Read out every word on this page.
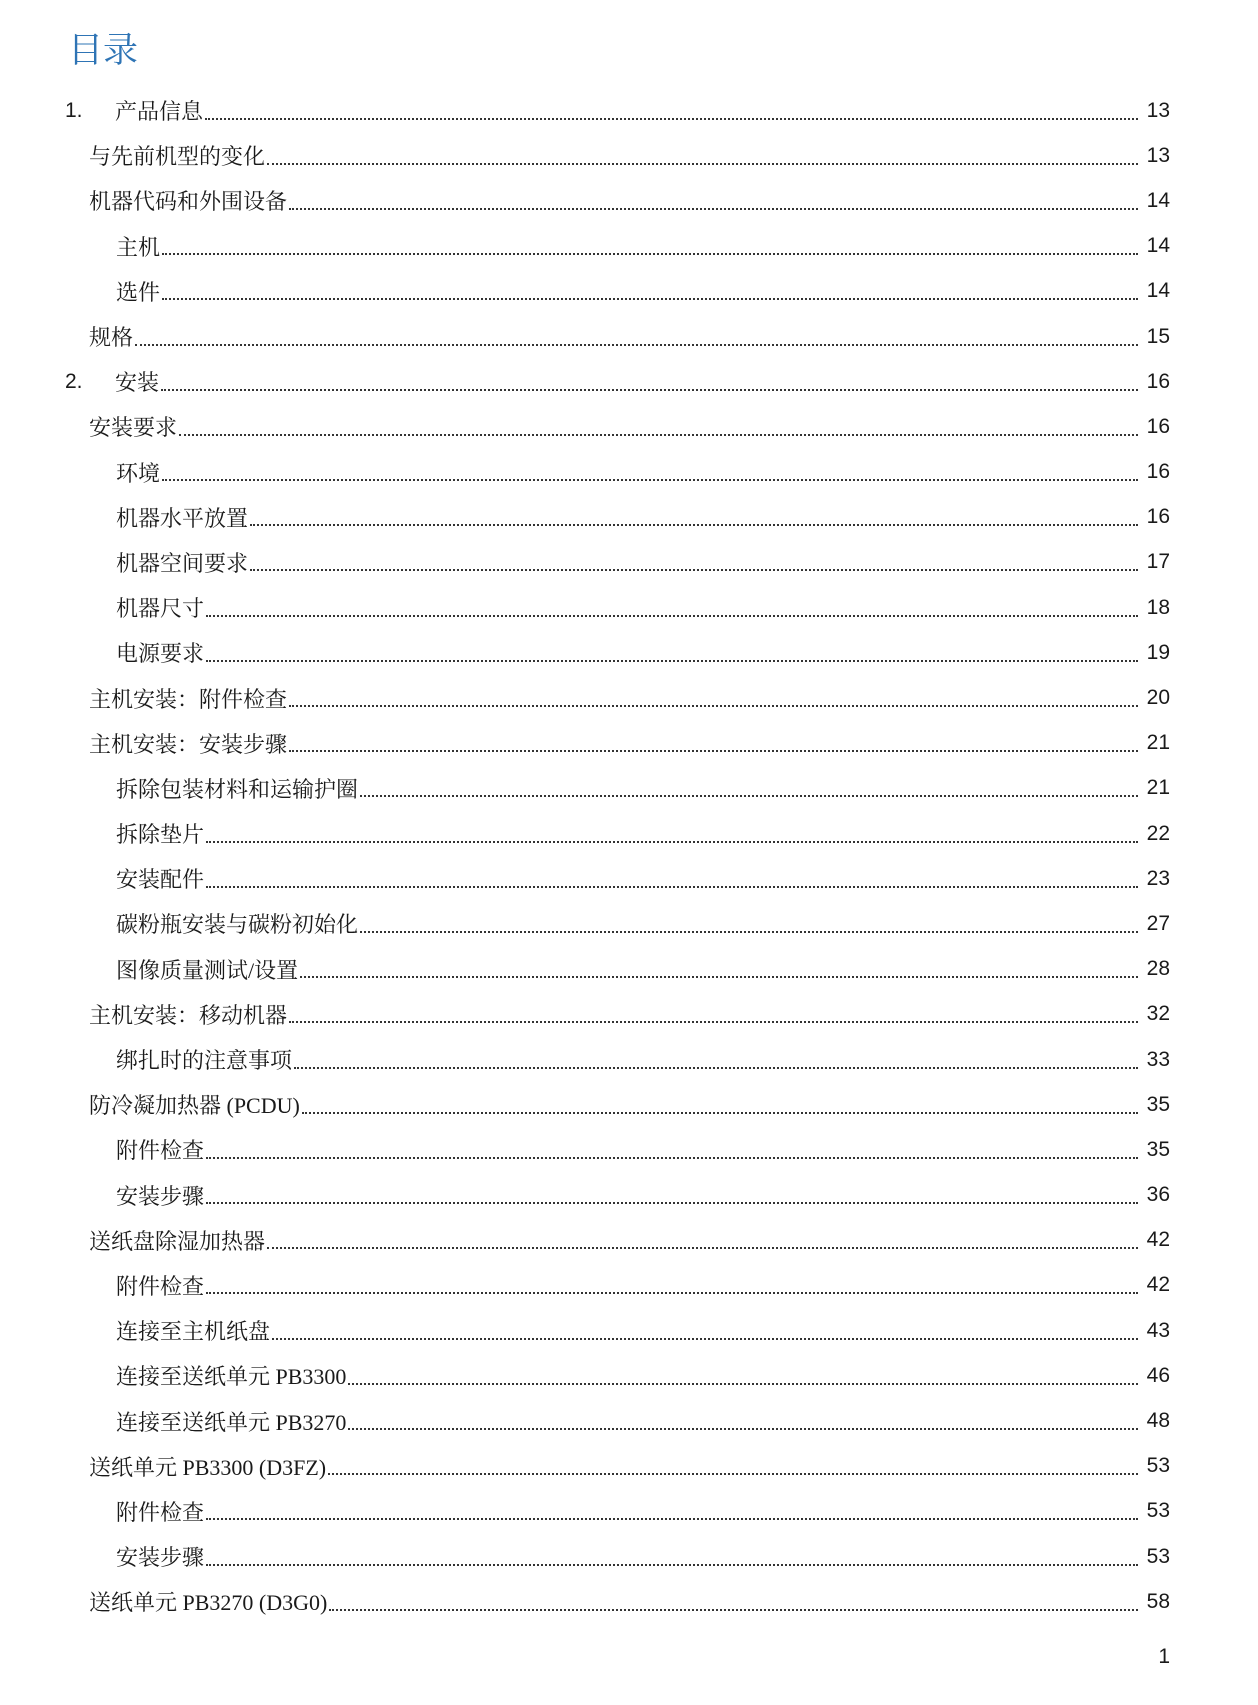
目录
1.	产品信息	13
与先前机型的变化	13
机器代码和外围设备	14
主机	14
选件	14
规格	15
2.	安装	16
安装要求	16
环境	16
机器水平放置	16
机器空间要求	17
机器尺寸	18
电源要求	19
主机安装：附件检查	20
主机安装：安装步骤	21
拆除包装材料和运输护圈	21
拆除垫片	22
安装配件	23
碳粉瓶安装与碳粉初始化	27
图像质量测试/设置	28
主机安装：移动机器	32
绑扎时的注意事项	33
防冷凝加热器 (PCDU)	35
附件检查	35
安装步骤	36
送纸盘除湿加热器	42
附件检查	42
连接至主机纸盘	43
连接至送纸单元 PB3300	46
连接至送纸单元 PB3270	48
送纸单元 PB3300 (D3FZ)	53
附件检查	53
安装步骤	53
送纸单元 PB3270 (D3G0)	58
1
